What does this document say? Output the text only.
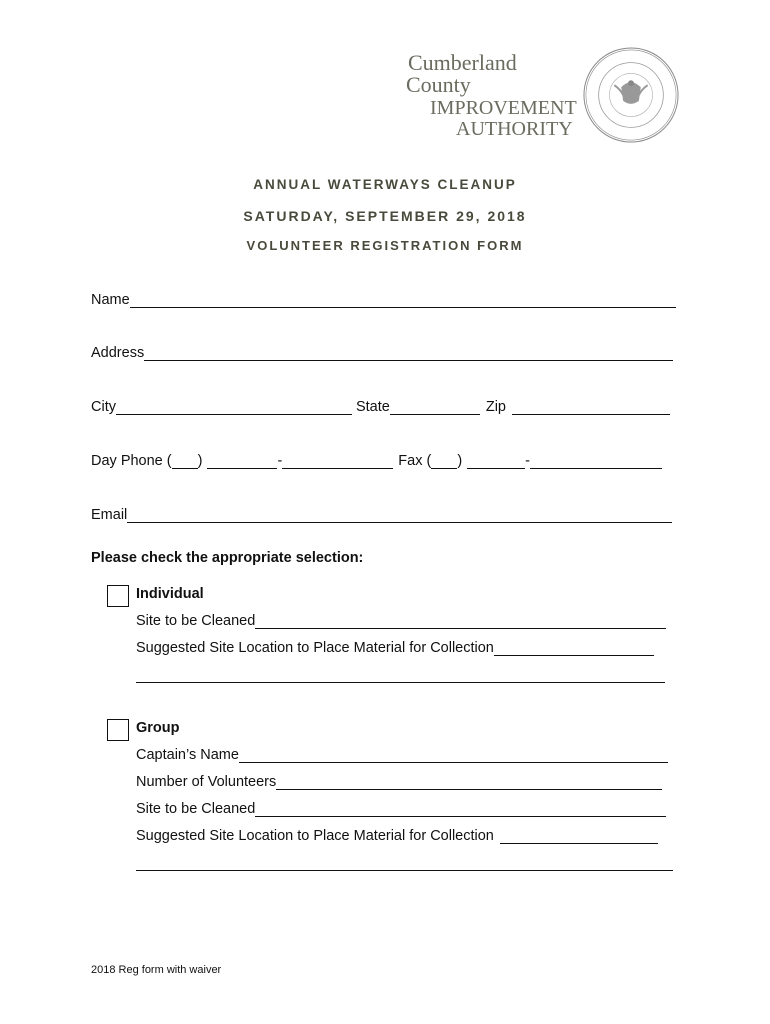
Cumberland
County
IMPROVEMENT
AUTHORITY
ANNUAL WATERWAYS CLEANUP
SATURDAY, SEPTEMBER 29, 2018
VOLUNTEER REGISTRATION FORM
Name
Address
City	State	Zip
Day Phone ( )	-	Fax ( )	-
Email
Please check the appropriate selection:
Individual
Site to be Cleaned
Suggested Site Location to Place Material for Collection
Group
Captain’s Name
Number of Volunteers
Site to be Cleaned
Suggested Site Location to Place Material for Collection
2018 Reg form with waiver
